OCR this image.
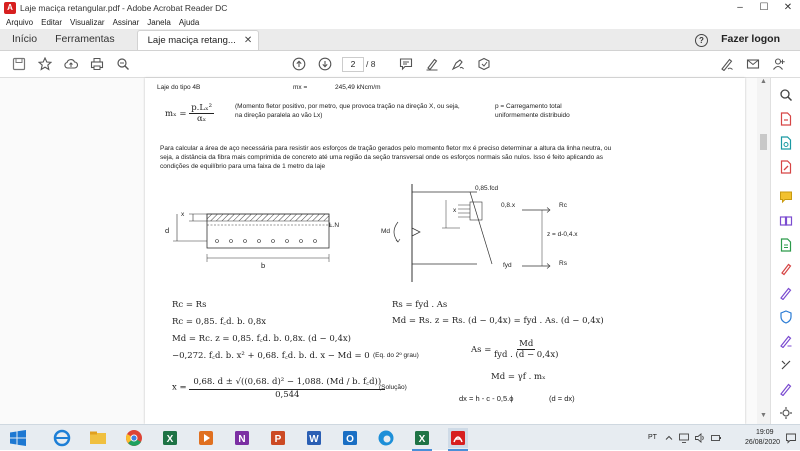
A Laje maciça retangular.pdf - Adobe Acrobat Reader DC	–	☐	✕
Arquivo Editar Visualizar Assinar Janela Ajuda
Início Ferramentas	Laje maciça retang... ✕	?	Fazer logon
2	/ 8
Laje do tipo 4B	mx =	245,49 kNcm/m
$m_x = \frac{\text{p.Lₓ²}}{\text{αₓ}}$	(Momento fletor positivo, por metro, que provoca tração na direção X, ou seja, na direção paralela ao vão Lx)
p = Carregamento total uniformemente distribuido
Para calcular a área de aço necessária para resistir aos esforços de tração gerados pelo momento fletor mx é preciso determinar a altura da linha neutra, ou seja, a distância da fibra mais comprimida de concreto até uma região da seção transversal onde os esforços normais são nulos. Isso é feito aplicando as condições de equilíbrio para uma faixa de 1 metro da laje
x
d
L.N
b
0,85.fcd
0,8.x
x
Md
Rc
z = d-0,4.x
fyd	Rs
Rc = Rs
Rc = 0,85. f꜀d. b. 0,8x
Md = Rc. z = 0,85. f꜀d. b. 0,8x. (d − 0,4x)
−0,272. f꜀d. b. x² + 0,68. f꜀d. b. d. x − Md = 0
Rs = fyd . As
Md = Rs. z = Rs. (d − 0,4x) = fyd . As. (d − 0,4x)
(Eq. do 2º grau)
$As = \frac{Md}{\text{fyd . (d − 0,4x)}}$
Md = γf . mₓ
$x = \frac{\text{0,68. d ± √((0,68. d)² − 1,088. (Md / b. f꜀d))}}{0,544}$
(Solução)
dx = h - c - 0,5.ϕ	(d = dx)
▲
▼
X	N	P	W	O	X	PT
19:09
26/08/2020
